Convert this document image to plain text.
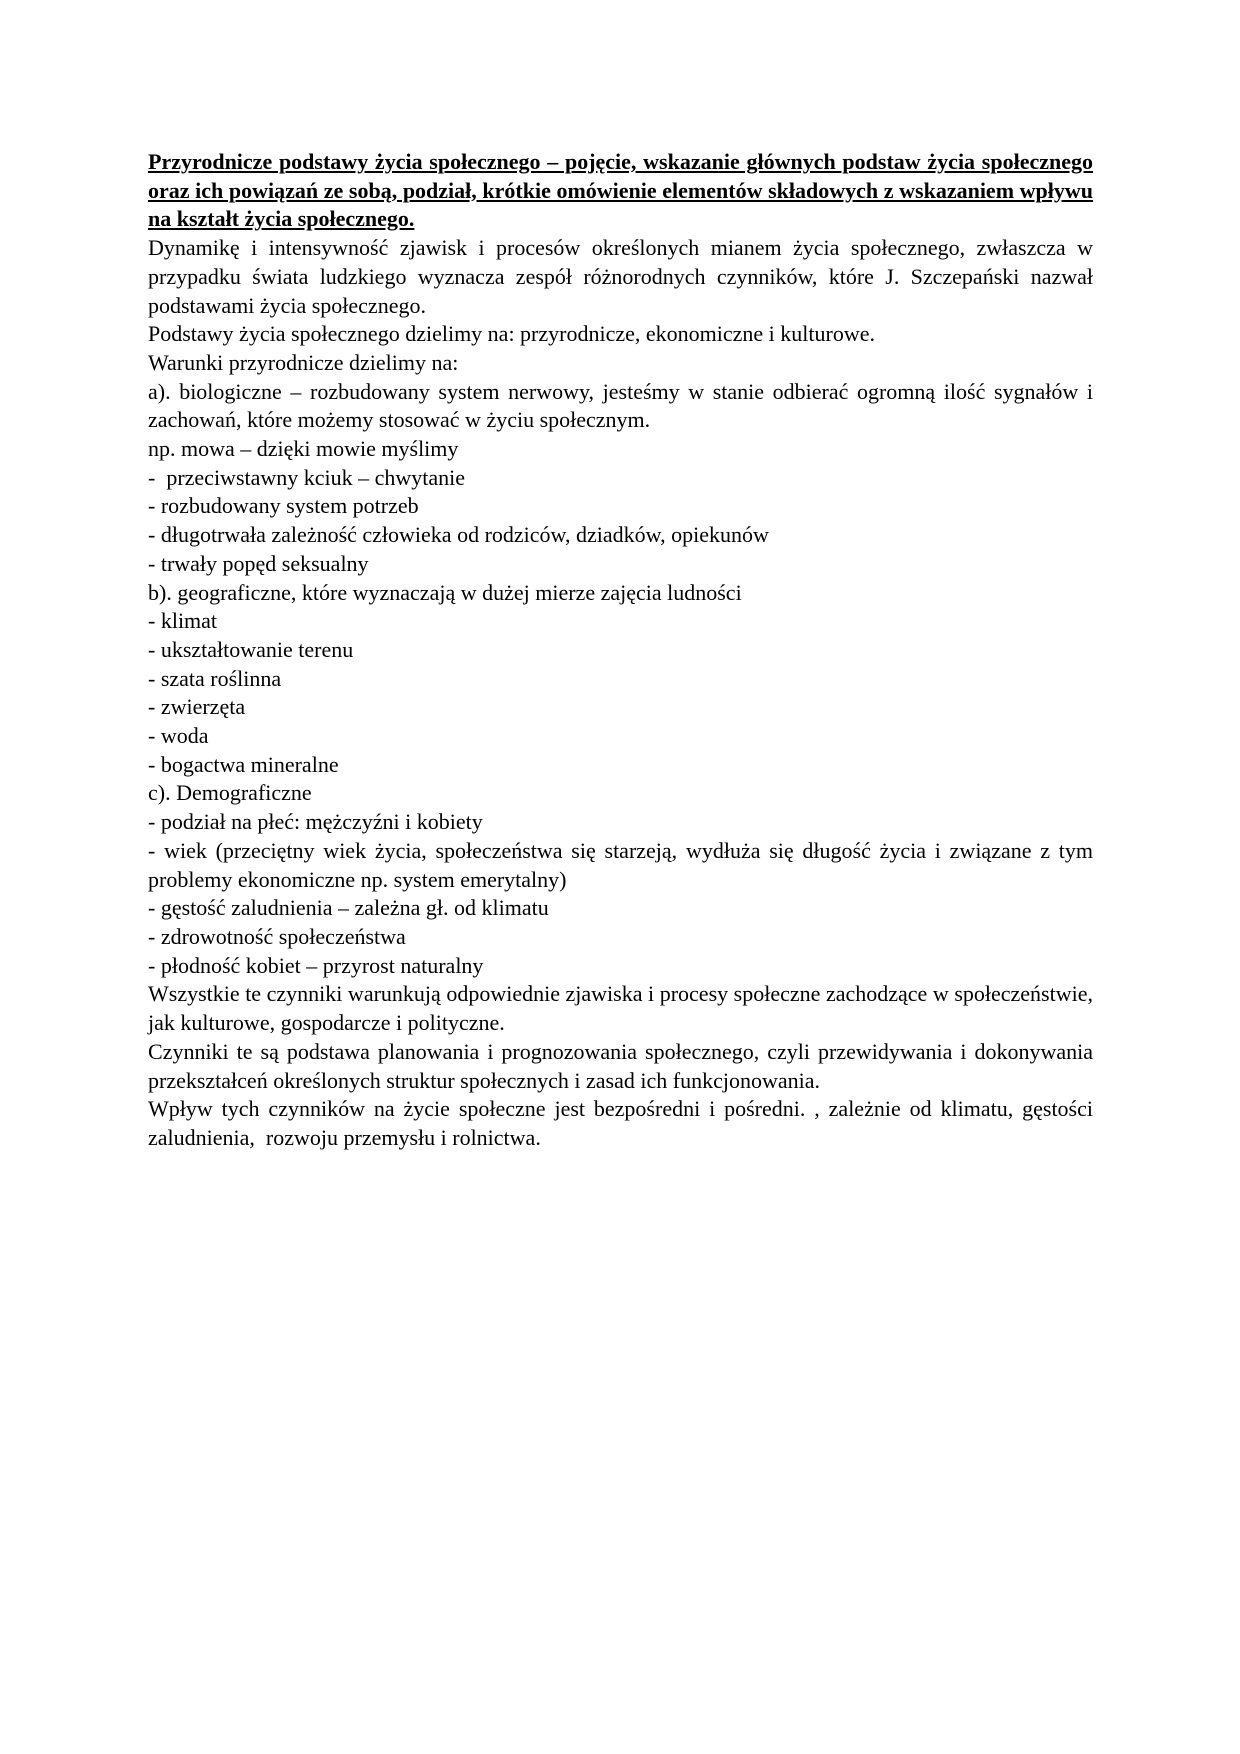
Przyrodnicze podstawy życia społecznego – pojęcie, wskazanie głównych podstaw życia społecznego oraz ich powiązań ze sobą, podział, krótkie omówienie elementów składowych z wskazaniem wpływu na kształt życia społecznego.

Dynamikę i intensywność zjawisk i procesów określonych mianem życia społecznego, zwłaszcza w przypadku świata ludzkiego wyznacza zespół różnorodnych czynników, które J. Szczepański nazwał podstawami życia społecznego.

Podstawy życia społecznego dzielimy na: przyrodnicze, ekonomiczne i kulturowe.

Warunki przyrodnicze dzielimy na:

a). biologiczne – rozbudowany system nerwowy, jesteśmy w stanie odbierać ogromną ilość sygnałów i zachowań, które możemy stosować w życiu społecznym.

np. mowa – dzięki mowie myślimy

-  przeciwstawny kciuk – chwytanie

- rozbudowany system potrzeb

- długotrwała zależność człowieka od rodziców, dziadków, opiekunów

- trwały popęd seksualny

b). geograficzne, które wyznaczają w dużej mierze zajęcia ludności

- klimat

- ukształtowanie terenu

- szata roślinna

- zwierzęta

- woda

- bogactwa mineralne

c). Demograficzne

- podział na płeć: mężczyźni i kobiety

- wiek (przeciętny wiek życia, społeczeństwa się starzeją, wydłuża się długość życia i związane z tym problemy ekonomiczne np. system emerytalny)

- gęstość zaludnienia – zależna gł. od klimatu

- zdrowotność społeczeństwa

- płodność kobiet – przyrost naturalny

Wszystkie te czynniki warunkują odpowiednie zjawiska i procesy społeczne zachodzące w społeczeństwie, jak kulturowe, gospodarcze i polityczne.

Czynniki te są podstawa planowania i prognozowania społecznego, czyli przewidywania i dokonywania przekształceń określonych struktur społecznych i zasad ich funkcjonowania.

Wpływ tych czynników na życie społeczne jest bezpośredni i pośredni. , zależnie od klimatu, gęstości zaludnienia,  rozwoju przemysłu i rolnictwa.
